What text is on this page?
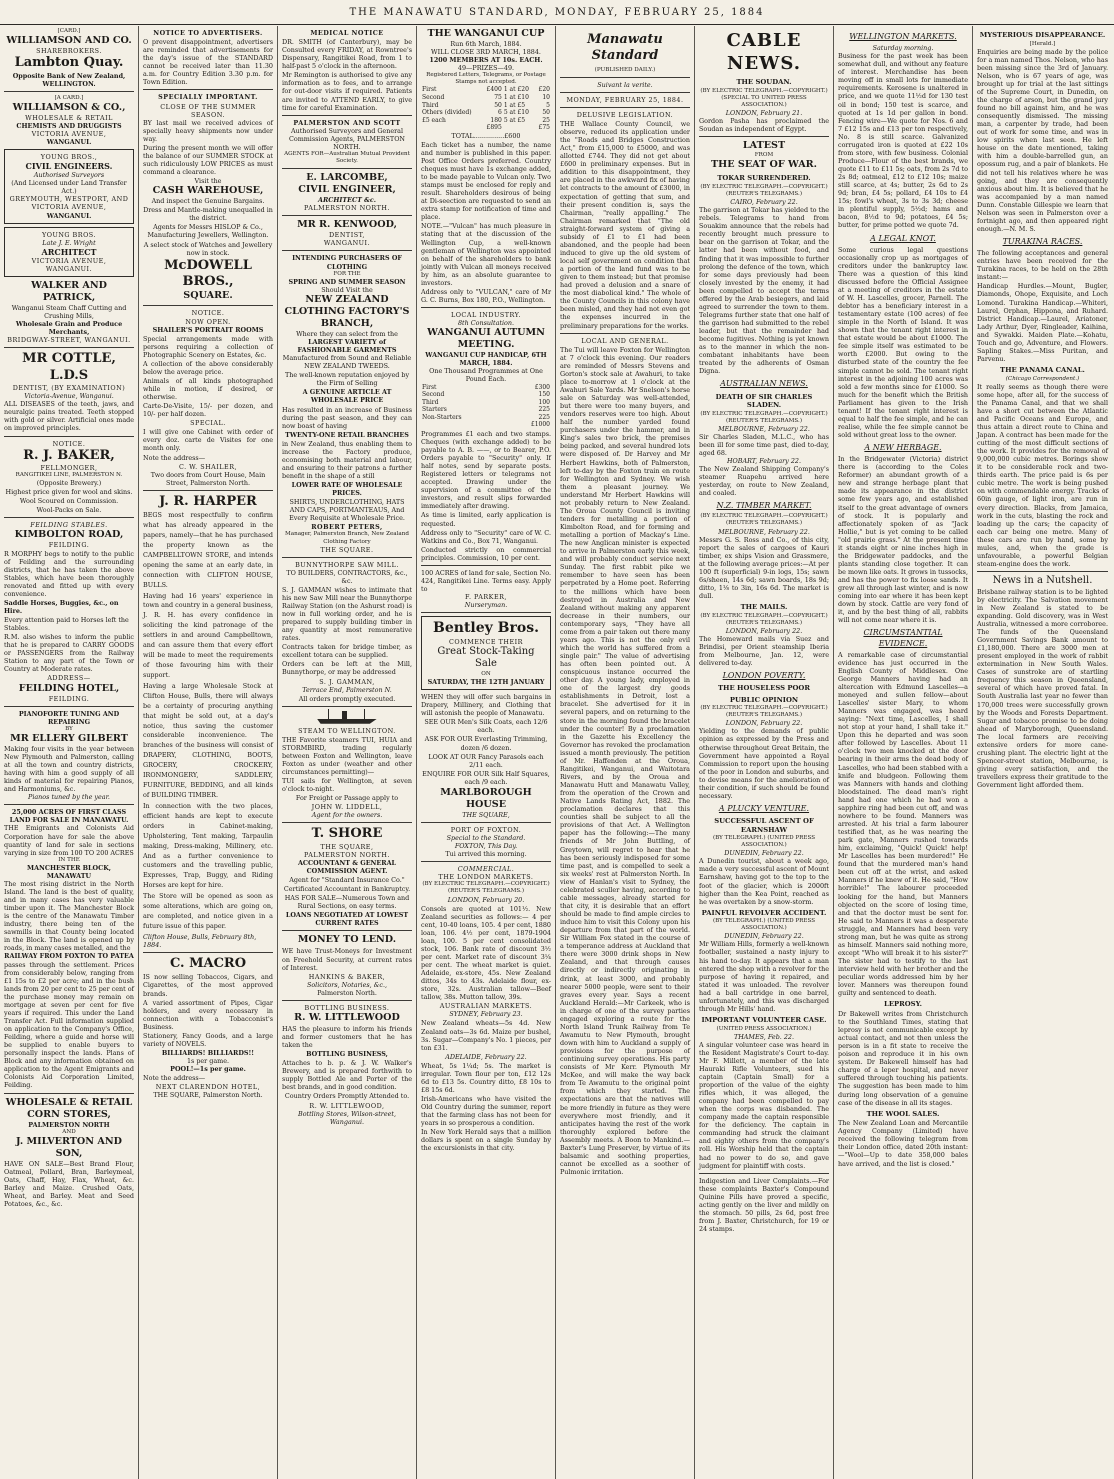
THE MANAWATU STANDARD, MONDAY, FEBRUARY 25, 1884
[CARD.]
WILLIAMSON AND CO.
SHAREBROKERS.
Lambton Quay.
Opposite Bank of New Zealand, WELLINGTON.
[A CARD.]
WILLIAMSON & CO.,
WHOLESALE & RETAIL
CHEMISTS AND DRUGGISTS
VICTORIA AVENUE,
WANGANUI.
YOUNG BROS.,
CIVIL ENGINEERS.
Authorised Surveyors
(And Licensed under Land Transfer Act.)
GREYMOUTH, WESTPORT, AND VICTORIA AVENUE,
WANGANUI.
YOUNG BROS.
Late J. E. Wright
ARCHITECT
VICTORIA AVENUE, WANGANUI.
WALKER AND PATRICK,
Wanganui Steam Chaff Cutting and Crushing Mills,
Wholesale Grain and Produce Merchants,
BRIDGWAY-STREET, WANGANUI.
MR COTTLE, L.D.S
DENTIST, (BY EXAMINATION)
Victoria-Avenue, Wanganui.
ALL DISEASES of the teeth, jaws, and neuralgic pains treated. Teeth stopped with gold or silver. Artificial ones made on improved principles.
NOTICE.
R. J. BAKER,
FELLMONGER,
RANGITIKEI LINE, PALMERSTON N.
(Opposite Brewery.)
Highest price given for wool and skins.
Wool Scoured on Commission.
Wool-Packs on Sale.
FEILDING STABLES.
KIMBOLTON ROAD,
FEILDING.
R MORPHY begs to notify to the public of Feilding and the surrounding districts, that he has taken the above Stables, which have been thoroughly renovated and fitted up with every convenience.
Saddle Horses, Buggies, &c., on Hire.
Every attention paid to Horses left the Stables.
R.M. also wishes to inform the public that he is prepared to CARRY GOODS or PASSENGERS from the Railway Station to any part of the Town or Country at Moderate rates.
ADDRESS—
FEILDING HOTEL,
FEILDING.
PIANOFORTE TUNING AND REPAIRING
BY
MR ELLERY GILBERT
Making four visits in the year between New Plymouth and Palmerston, calling at all the town and country districts, having with him a good supply of all kinds of material for repairing Pianos, and Harmoniums, &c.
Pianos tuned by the year.
25,000 ACRES OF FIRST CLASS LAND FOR SALE IN MANAWATU.
THE Emigrants and Colonists Aid Corporation have for sale the above quantity of land for sale in sections varying in size from 100 TO 200 ACRES
IN THE
MANCHESTER BLOCK, MANAWATU
The most rising district in the North Island. The land is the best of quality, and in many cases has very valuable timber upon it. The Manchester Block is the centre of the Manawatu Timber industry, there being ten of the sawmills in that County being located in the Block. The land is opened up by roads, in many cases metalled, and the
RAILWAY FROM FOXTON TO PATEA
passes through the settlement. Prices from considerably below, ranging from £1 15s to £2 per acre; and in the bush lands from 20 per cent to 25 per cent of the purchase money may remain on mortgage at seven per cent for five years if required. This under the Land Transfer Act. Full information supplied on application to the Company's Office, Feilding, where a guide and horse will be supplied to enable buyers to personally inspect the lands. Plans of Block and any information obtained on application to the Agent Emigrants and Colonists Aid Corporation Limited, Feilding.
WHOLESALE & RETAIL CORN STORES,
PALMERSTON NORTH
AND
J. MILVERTON AND SON,
HAVE ON SALE—Best Brand Flour, Oatmeal, Pollard, Bran, Barleymeal, Oats, Chaff, Hay, Flax, Wheat, &c. Barley and Maize. Crushed Oats, Wheat, and Barley. Meat and Seed Potatoes, &c., &c.
NOTICE TO ADVERTISERS.
O prevent disappointment, advertisers are reminded that advertisements for the day's issue of the STANDARD cannot be received later than 11.30 a.m. for Country Edition 3.30 p.m. for Town Edition.
SPECIALLY IMPORTANT.
CLOSE OF THE SUMMER SEASON.
BY last mail we received advices of specially heavy shipments now under way.
During the present month we will offer the balance of our SUMMER STOCK at such ridiculously LOW PRICES as must command a clearance.
Visit the
CASH WAREHOUSE,
And inspect the Genuine Bargains.
Dress and Mantle-making unequalled in the district.
Agents for Messrs HISLOP & Co., Manufacturing Jewellers, Wellington.
A select stock of Watches and Jewellery now in stock.
McDOWELL BROS.,
SQUARE.
NOTICE.
NOW OPEN.
SHAILER'S PORTRAIT ROOMS
Special arrangements made with persons requiring a collection of Photographic Scenery on Estates, &c.
A collection of the above considerably below the average price.
Animals of all kinds photographed while in motion, if desired, or otherwise.
Carte-De-Visite, 15/- per dozen, and 10/- per half dozen.
SPECIAL.
I will give one Cabinet with order of every doz. carte de Visites for one month only.
Note the address—
C. W. SHAILER,
Two doors from Court House, Main Street, Palmerston North.
J. R. HARPER
BEGS most respectfully to confirm what has already appeared in the papers, namely—that he has purchased the property known as the CAMPBELLTOWN STORE, and intends opening the same at an early date, in connection with CLIFTON HOUSE, BULLS.
Having had 16 years' experience in town and country in a general business, J. R. H. has every confidence in soliciting the kind patronage of the settlers in and around Campbelltown, and can assure them that every effort will be made to meet the requirements of those favouring him with their support.
Having a large Wholesale Stock at Clifton House, Bulls, there will always be a certainty of procuring anything that might be sold out, at a day's notice, thus saving the customer considerable inconvenience. The branches of the business will consist of DRAPERY, CLOTHING, BOOTS, GROCERY, CROCKERY, IRONMONGERY, SADDLERY, FURNITURE, BEDDING, and all kinds of BUILDING TIMBER.
In connection with the two places, efficient hands are kept to execute orders in Cabinet-making, Upholstering, Tent making, Tarpaulin making, Dress-making, Millinery, etc. And as a further convenience to customers and the travelling public, Expresses, Trap, Buggy, and Riding Horses are kept for hire.
The Store will be opened as soon as some alterations, which are going on, are completed, and notice given in a future issue of this paper.
Clifton House, Bulls, February 8th, 1884.
C. MACRO
IS now selling Tobaccos, Cigars, and Cigarettes, of the most approved brands.
A varied assortment of Pipes, Cigar holders, and every necessary in connection with a Tobacconist's Business.
Stationery, Fancy Goods, and a large variety of NOVELS.
BILLIARDS! BILLIARDS!!
1s per game.
POOL!—1s per game.
Note the address—
NEXT CLARENDON HOTEL,
THE SQUARE, Palmerston North.
MEDICAL NOTICE
DR. SMITH (of Canterbury), may be Consulted every FRIDAY, at Rowntree's Dispensary, Rangitikei Road, from 1 to half-past 5 o'clock in the afternoon.
Mr Remington is authorised to give any information as to fees, and to arrange for out-door visits if required. Patients are invited to ATTEND EARLY, to give time for careful Examination.
PALMERSTON AND SCOTT
Authorised Surveyors and General Commission Agents, PALMERSTON NORTH.
AGENTS FOR—Australian Mutual Provident Society.
E. LARCOMBE,
CIVIL ENGINEER,
ARCHITECT &c.
PALMERSTON NORTH.
MR R. KENWOOD,
DENTIST,
WANGANUI.
INTENDING PURCHASERS OF CLOTHING
FOR THE
SPRING AND SUMMER SEASON
Should Visit the
NEW ZEALAND CLOTHING FACTORY'S BRANCH,
Where they can select from the
LARGEST VARIETY of FASHIONABLE GARMENTS
Manufactured from Sound and Reliable NEW ZEALAND TWEEDS.
The well-known reputation enjoyed by the Firm of Selling
A GENUINE ARTICLE AT WHOLESALE PRICE
Has resulted in an increase of Business during the past season, and they can now boast of having
TWENTY-ONE RETAIL BRANCHES
in New Zealand, thus enabling them to increase the Factory produce, economising both material and labour, and ensuring to their patrons a further benefit in the shape of a still
LOWER RATE OF WHOLESALE PRICES.
SHIRTS, UNDERCLOTHING, HATS AND CAPS, PORTMANTEAUS, And Every Requisite at Wholesale Price.
ROBERT PETERS,
Manager, Palmerston Branch, New Zealand Clothing Factory
THE SQUARE.
BUNNYTHORPE SAW MILL.
TO BUILDERS, CONTRACTORS, &c., &c.
S. J. GAMMAN wishes to intimate that his new Saw Mill near the Bunnythorpe Railway Station (on the Ashurst road) is now in full working order, and he is prepared to supply building timber in any quantity at most remunerative rates.
Contracts taken for bridge timber, as excellent totara can be supplied.
Orders can be left at the Mill, Bunnythorpe, or may be addressed
S. J. GAMMAN,
Terrace End, Palmerston N.
All orders promptly executed.
STEAM TO WELLINGTON.
THE Favorite steamers TUI, HUIA and STORMBIRD, trading regularly between Foxton and Wellington, leave Foxton as under (weather and other circumstances permitting)—
TUI sails for Wellington, at seven o'clock to-night.
For Freight or Passage apply to
JOHN W. LIDDELL,
Agent for the owners.
T. SHORE
THE SQUARE,
PALMERSTON NORTH.
ACCOUNTANT & GENERAL COMMISSION AGENT.
Agent for "Standard Insurance Co."
Certificated Accountant in Bankruptcy.
HAS FOR SALE—Numerous Town and Rural Sections, on easy terms.
LOANS NEGOTIATED AT LOWEST CURRENT RATES
MONEY TO LEND.
WE have Trust-Moneys for Investment on Freehold Security, at current rates of Interest.
HANKINS & BAKER,
Solicitors, Notaries, &c.,
Palmerston North.
BOTTLING BUSINESS.
R. W. LITTLEWOOD
HAS the pleasure to inform his friends and former customers that he has taken the
BOTTLING BUSINESS,
Attaches to b. p. & J. W. Walker's Brewery, and is prepared forthwith to supply Bottled Ale and Porter of the best brands, and in good condition.
Country Orders Promptly Attended to.
R. W. LITTLEWOOD,
Bottling Stores, Wilson-street, Wanganui.
THE WANGANUI CUP
Run 6th March, 1884.
WILL CLOSE 3RD MARCH, 1884.
1200 MEMBERS AT 10s. EACH.
49—PRIZES—49.
Registered Letters, Telegrams, or Postage Stamps not accepted.
First	£400	1 at £20	£20
Second	75	1 at £10	10
Third	50	1 at £5	5
Others (divided)	6	5 at £10	50
£5 each	180	5 at £5	25
	£895		£75
TOTAL...............£600
Each ticket has a number, the name and number is published in this paper. Post Office Orders preferred. Country cheques must have 1s exchange added, to be made payable to Vulcan only. Two stamps must be enclosed for reply and result. Shareholders desirous of being at Di-seection are requested to send an extra stamp for notification of time and place.
NOTE.—"Vulcan" has much pleasure in stating that at the discussion of the Wellington Cup, a well-known gentleman of Wellington was appointed on behalf of the shareholders to bank jointly with Vulcan all moneys received by him, as an absolute guarantee to investors.
Address only to "VULCAN," care of Mr G. C. Burns, Box 180, P.O., Wellington.
LOCAL INDUSTRY.
8th Consultation.
WANGANUI AUTUMN MEETING.
WANGANUI CUP HANDICAP, 6TH MARCH, 1884.
One Thousand Programmes at One Pound Each.
First	£300
Second	150
Third	100
Starters	225
Non-Starters	225
	£1000
Programmes £1 each and two stamps. Cheques (with exchange added) to be payable to A. B. ——, or to Bearer, P.O. Orders payable to "Security" only. If half notes, send by separate posts. Registered letters or telegrams not accepted. Drawing under the supervision of a committee of the investors, and result slips forwarded immediately after drawing.
As time is limited, early application is requested.
Address only to "Security" care of W. C. Watkins and Co., Box 71, Wanganui.
Conducted strictly on commercial principles. Commission, 10 per cent.
100 ACRES of land for sale, Section No. 424, Rangitikei Line. Terms easy. Apply to
F. PARKER,
Nurseryman.
Bentley Bros.
COMMENCE THEIR
Great Stock-Taking
Sale
ON
SATURDAY, THE 12TH JANUARY
WHEN they will offer such bargains in Drapery, Millinery, and Clothing that will astonish the people of Manawatu.
SEE OUR Men's Silk Coats, each 12/6 each.
ASK FOR OUR Everlasting Trimming, dozen /6 dozen.
LOOK AT OUR Fancy Parasols each 2/11 each.
ENQUIRE FOR OUR Silk Half Squares, each /9 each.
MARLBOROUGH HOUSE
THE SQUARE,
PORT OF FOXTON.
Special to the Standard.
FOXTON, This Day.
Tui arrived this morning.
COMMERCIAL.
THE LONDON MARKETS.
(BY ELECTRIC TELEGRAPH.—COPYRIGHT.) (REUTER'S TELEGRAMS.)
LONDON, February 20.
Consols are quoted at 101½. New Zealand securities as follows:— 4 per cent, 10-40 loans, 105. 4 per cent, 1880 loan, 106. 4½ per cent, 1879-1904 loan, 100. 5 per cent consolidated stock, 106. Bank rate of discount 3½ per cent. Market rate of discount 3¼ per cent. The wheat market is quiet. Adelaide, ex-store, 45s. New Zealand dittos, 34s to 43s. Adelaide flour, ex-store, 32s. Australian tallow—Beef tallow, 38s. Mutton tallow, 39s.
AUSTRALIAN MARKETS.
SYDNEY, February 23.
New Zealand wheats—5s 4d. New Zealand oats—3s 6d. Maize per bushel, 3s. Sugar—Company's No. 1 pieces, per ton £31.
ADELAIDE, February 22.
Wheat, 5s 1¼d; 5s. The market is irregular. Town flour per ton, £12 12s 6d to £13 5s. Country ditto, £8 10s to £8 15s 6d.
Irish-Americans who have visited the Old Country during the summer, report that the farming class has not been for years in so prosperous a condition.
In New York Herald says that a million dollars is spent on a single Sunday by the excursionists in that city.
Manawatu Standard
(PUBLISHED DAILY.)
Suivant la verite.
MONDAY, FEBRUARY 25, 1884.
DELUSIVE LEGISLATION.
THE Wallace County Council, we observe, reduced its application under the "Roads and Bridges Construction Act," from £15,000 to £5000, and was allotted £744. They did not get about £600 in preliminary expenses. But in addition to this disappointment, they are placed in the awkward fix of having let contracts to the amount of £3000, in expectation of getting that sum, and their present condition is, says the Chairman, "really appalling." The Chairman remarked that "The old straight-forward system of giving a subsidy of £1 to £1 had been abandoned, and the people had been induced to give up the old system of local self government on condition that a portion of the land fund was to be given to them instead; but that promise had proved a delusion and a snare of the most diabolical kind." The whole of the County Councils in this colony have been misled, and they had not even got the expenses incurred in the preliminary preparations for the works.
LOCAL AND GENERAL.
The Tui will leave Foxton for Wellington at 7 o'clock this evening. Our readers are reminded of Messrs Stevens and Gorton's stock sale at Awahuri, to take place to-morrow at 1 o'clock at the Awahuri Sale Yards. Mr Snelson's horse sale on Saturday was well-attended, but there were too many buyers, and vendors reserves were too high. About half the number yarded found purchasers under the hammer, and in King's sales two brick, the premises being packed, and several hundred lots were disposed of. Dr Harvey and Mr Herbert Hawkins, both of Palmerston, left to-day by the Foxton train en route for Wellington and Sydney. We wish them a pleasant journey. We understand Mr Herbert Hawkins will not probably return to New Zealand. The Oroua County Council is inviting tenders for metalling a portion of Kimbolton Road, and for forming and metalling a portion of Mackay's Line. The new Anglican minister is expected to arrive in Palmerston early this week, and will probably conduct service next Sunday. The first rabbit pike we remember to have seen has been perpetrated by a Home poet. Referring to the millions which have been destroyed in Australia and New Zealand without making any apparent decrease in their numbers, our contemporary says, "They have all come from a pair taken out there many years ago. This is not the only evil which the world has suffered from a single pair." The value of advertising has often been pointed out. A conspicuous instance occurred the other day. A young lady, employed in one of the largest dry goods establishments in Detroit, lost a bracelet. She advertised for it in several papers, and on returning to the store in the morning found the bracelet under the counter! By a proclamation in the Gazette his Excellency the Governor has revoked the proclamation issued a month previously. The petition of Mr. Haffenden at the Oroua, Rangitikei, Wanganui, and Waitotara Rivers, and by the Oroua and Manawatu Hutt and Manawatu Valley, from the operation of the Crown and Native Lands Rating Act, 1882. The proclamation declares that this counties shall be subject to all the provisions of that Act. A Wellington paper has the following:—The many friends of Mr John Buttling, of Greytown, will regret to hear that he has been seriously indisposed for some time past, and is compelled to seek a six weeks' rest at Palmerston North. In view of Hanlan's visit to Sydney, the celebrated sculler having, according to cable messages, already started for that city, it is desirable that an effort should be made to find ample circles to induce him to visit this Colony upon his departure from that part of the world. Sir William Fox stated in the course of a temperance address at Auckland that there were 3000 drink shops in New Zealand, and that through causes directly or indirectly originating in drink, at least 3000, and probably nearer 5000 people, were sent to their graves every year. Says a recent Auckland Herald:—Mr Carkeek, who is in charge of one of the survey parties engaged exploring a route for the North Island Trunk Railway from Te Awamutu to New Plymouth, brought down with him to Auckland a supply of provisions for the purpose of continuing survey operations. His party consists of Mr Kerr. Plymouth Mr McKee, and will make the way back from Te Awamutu to the original point from which they started. The expectations are that the natives will be more friendly in future as they were everywhere most friendly, and it anticipates having the rest of the work thoroughly explored before the Assembly meets. A Boon to Mankind.—Baxter's Lung Preserver, by virtue of its balsamic and soothing properties, cannot be excelled as a soother of Pulmonic irritation.
CABLE NEWS.
THE SOUDAN.
(BY ELECTRIC TELEGRAPH.—COPYRIGHT.) (SPECIAL TO UNITED PRESS ASSOCIATION.)
LONDON, February 21.
Gordon Pasha has proclaimed the Soudan as independent of Egypt.
LATEST
FROM
THE SEAT OF WAR.
TOKAR SURRENDERED.
(BY ELECTRIC TELEGRAPH.—COPYRIGHT.) (REUTER'S TELEGRAMS.)
CAIRO, February 22.
The garrison at Tokar has yielded to the rebels. Telegrams to hand from Souakim announce that the rebels had recently brought much pressure to bear on the garrison at Tokar, and the latter had been without food, and finding that it was impossible to further prolong the defence of the town, which for some days previously had been closely invested by the enemy, it had been compelled to accept the terms offered by the Arab besiegers, and laid agreed to surrender the town to them. Telegrams further state that one half of the garrison had submitted to the rebel leader, but that the remainder had become fugitives. Nothing is yet known as to the manner in which the non-combatant inhabitants have been treated by the adherents of Osman Digna.
AUSTRALIAN NEWS.
DEATH OF SIR CHARLES SLADEN.
(BY ELECTRIC TELEGRAPH.—COPYRIGHT.) (REUTER'S TELEGRAMS.)
MELBOURNE, February 22.
Sir Charles Sladen, M.L.C., who has been ill for some time past, died to-day, aged 68.
HOBART, February 22.
The New Zealand Shipping Company's steamer Ruapehu arrived here yesterday, on route to New Zealand, and coaled.
N.Z. TIMBER MARKET.
(BY ELECTRIC TELEGRAPH.—COPYRIGHT.) (REUTER'S TELEGRAMS.)
MELBOURNE, February 22.
Messrs G. S. Ross and Co., of this city, report the sales of cargoes of Kauri timber, ex ships Vision and Grassmere, at the following average prices:—At per 100 ft (superficial) 9-in logs, 15s; sawn 6s/sheen, 14s 6d; sawn boards, 18s 9d; ditto, 1⅛ to 3in, 16s 6d. The market is dull.
THE MAILS.
(BY ELECTRIC TELEGRAPH.—COPYRIGHT.) (REUTER'S TELEGRAMS.)
LONDON, February 22.
The Homeward mails via Suez and Brindisi, per Orient steamship Iberia from Melbourne, Jan. 12, were delivered to-day.
LONDON POVERTY.
THE HOUSELESS POOR
PUBLIC OPINION
(BY ELECTRIC TELEGRAPH.—COPYRIGHT.) (REUTER'S TELEGRAMS.)
LONDON, February 22.
Yielding to the demands of public opinion as expressed by the Press and otherwise throughout Great Britain, the Government have appointed a Royal Commission to report upon the housing of the poor in London and suburbs, and to devise means for the amelioration of their condition, if such should be found necessary.
A PLUCKY VENTURE.
SUCCESSFUL ASCENT OF EARNSHAW
(BY TELEGRAPH.) (UNITED PRESS ASSOCIATION.)
DUNEDIN, February 22.
A Dunedin tourist, about a week ago, made a very successful ascent of Mount Earnshaw, having got to the top to the foot of the glacier, which is 2000ft higher than the Kea Point, reached as he was overtaken by a snow-storm.
PAINFUL REVOLVER ACCIDENT.
(BY TELEGRAPH.) (UNITED PRESS ASSOCIATION.)
DUNEDIN, February 22.
Mr William Hills, formerly a well-known footballer, sustained a nasty injury to his hand to-day. It appears that a man entered the shop with a revolver for the purpose of having it repaired, and stated it was unloaded. The revolver had a ball cartridge in one barrel, unfortunately, and this was discharged through Mr Hills' hand.
IMPORTANT VOLUNTEER CASE.
(UNITED PRESS ASSOCIATION.)
THAMES, Feb. 22.
A singular volunteer case was heard in the Resident Magistrate's Court to-day. Mr F. Millett, a member of the late Hauraki Rifle Volunteers, sued his captain (Captain Small) for a proportion of the value of the eighty rifles which, it was alleged, the company had been compelled to pay when the corps was disbanded. The company made the captain responsible for the deficiency. The captain in commanding had struck the claimant and eighty others from the company's roll. His Worship held that the captain had no power to do so, and gave judgment for plaintiff with costs.
Indigestion and Liver Complaints.—For these complaints Baxter's Compound Quinine Pills have proved a specific, acting gently on the liver and mildly on the stomach. 50 pills, 2s 6d, post free from J. Baxter, Christchurch, for 19 or 24 stamps.
WELLINGTON MARKETS.
Saturday morning.
Business for the past week has been somewhat dull, and without any feature of interest. Merchandise has been moving off in small lots for immediate requirements. Kerosene is unaltered in price, and we quote 11½d for 130 test oil in bond; 150 test is scarce, and quoted at 1s 1d per gallon in bond. Fencing wire—We quote for Nos. 6 and 7 £12 15s and £13 per ton respectively, No. 8 is still scarce. Galvanized corrugated iron is quoted at £22 10s from store, with few business. Colonial Produce—Flour of the best brands, we quote £11 to £11 5s; oats, from 2s 7d to 2s 8d; oatmeal, £12 to £12 10s; maize still scarce, at 4s; butter, 2s 6d to 2s 9d; bran, £4 5s; pollard, £4 10s to £4 15s; fowl's wheat, 3s to 3s 3d; cheese in plentiful supply, 5½d; hams and bacon, 8½d to 9d; potatoes, £4 5s; butter, for prime potted we quote 7d.
A LEGAL KNOT.
Some curious legal questions occasionally crop up as mortgages of creditors under the bankruptcy law. There was a question of this kind discussed before the Official Assignee at a meeting of creditors in the estate of W. H. Lascelles, grocer, Parnell. The debtor has a beneficiary interest in a testamentary estate (100 acres) of fee simple in the North of Island. It was shown that the tenant right interest in that estate would be about £1000. The fee simple itself was estimated to be worth £2000. But owing to the disturbed state of the country the fee simple cannot be sold. The tenant right interest in the adjoining 100 acres was sold a few months since for £1000. So much for the benefit which the British Parliament has given to the Irish tenant! If the tenant right interest is equal to half the fee simple, and he can realise, while the fee simple cannot be sold without great loss to the owner.
A NEW HERBAGE.
In the Bridgewater (Victoria) district there is (according to the Coles Reformer) an abundant growth of a new and strange herbage plant that made its appearance in the district some few years ago, and established itself to the great advantage of owners of stock. It is popularly and affectionately spoken of as "Jack Hollie," but is yet coming to be called "old prairie grass." At the present time it stands eight or nine inches high in the Bridgewater paddocks, and the plants standing close together. It can be mown like oats. It grows in tussocks, and has the power to fix loose sands. It grew all through last winter, and is now coming into ear where it has been kept down by stock. Cattle are very fond of it, and by the best thing of all, rabbits will not come near where it is.
CIRCUMSTANTIAL EVIDENCE.
A remarkable case of circumstantial evidence has just occurred in the English County of Middlesex. One George Manners having had an altercation with Edmund Lascelles—a moneyed and sullen fellow—about Lascelles' sister Mary, to whom Manners was engaged, was heard saying: "Next time, Lascelles, I shall not stop at your hand, I shall take it." Upon this he departed and was soon after followed by Lascelles. About 11 o'clock two men knocked at the door bearing in their arms the dead body of Lascelles, who had been stabbed with a knife and bludgeon. Following them was Manners with hands and clothing bloodstained. The dead man's right hand had one which he had won a sapphire ring had been cut off, and was nowhere to be found. Manners was arrested. At his trial a farm labourer testified that, as he was nearing the park gate, Manners rushed towards him, exclaiming, "Quick! Quick! help! Mr Lascelles has been murdered!" He found that the murdered man's hand been cut off at the wrist, and asked Manners if he knew of it. He said, "How horrible!" The labourer proceeded looking for the hand, but Manners objected on the score of losing time, and that the doctor must be sent for. He said to Manners it was a desperate struggle, and Manners had been very strong man, but he was quite as strong as himself. Manners said nothing more, except "Who will break it to his sister?" The sister had to testify to the last interview held with her brother and the peculiar words addressed him by her lover. Manners was thereupon found guilty and sentenced to death.
LEPROSY.
Dr Bakewell writes from Christchurch to the Southland Times, stating that leprosy is not communicable except by actual contact, and not then unless the person is in a fit state to receive the poison and reproduce it in his own system. Dr Bakewell himself has had charge of a leper hospital, and never suffered through touching his patients. The suggestion has been made to him during long observation of a genuine case of the disease in all its stages.
THE WOOL SALES.
The New Zealand Loan and Mercantile Agency Company (Limited) have received the following telegram from their London office, dated 20th instant:—"Wool—Up to date 358,000 bales have arrived, and the list is closed."
MYSTERIOUS DISAPPEARANCE.
[Herald.]
Enquiries are being made by the police for a man named Thos. Nelson, who has been missing since the 3rd of January. Nelson, who is 67 years of age, was brought up for trial at the last sittings of the Supreme Court, in Dunedin, on the charge of arson, but the grand jury found no bill against him, and he was consequently dismissed. The missing man, a carpenter by trade, had been out of work for some time, and was in low spirits when last seen. He left house on the date mentioned, taking with him a double-barrelled gun, an opossum rug, and a pair of blankets. He did not tell his relatives where he was going, and they are consequently anxious about him. It is believed that he was accompanied by a man named Dunn. Constable Gillespie we learn that Nelson was seen in Palmerston over a fortnight ago, and then appeared right enough.—N. M. S.
TURAKINA RACES.
The following acceptances and general entries have been received for the Turakina races, to be held on the 28th instant:—
Handicap Hurdles.—Mount, Bugler, Diamonds, Ohope, Exquisite, and Loch Lomond. Turakina Handicap.—Whiteri, Laurel, Orphan, Hippona, and Ruhard. District Handicap.—Laurel, Ariatoner, Lady Arthur, Dyer, Ringleader, Kaihina, and Sywakki. Maiden Plate.—Kohatu, Touch and go, Adventure, and Flowers. Sapling Stakes.—Miss Puritan, and Parvenu.
THE PANAMA CANAL.
(Chicago Correspondent.)
It really seems as though there were some hope, after all, for the success of the Panama Canal, and that we shall have a short cut between the Atlantic and Pacific Oceans and Europe, and thus attain a direct route to China and Japan. A contract has been made for the cutting of the most difficult sections of the work. It provides for the removal of 9,000,000 cubic metres. Borings show it to be considerable rock and two-thirds earth. The price paid is 6s per cubic metre. The work is being pushed on with commendable energy. Tracks of 60in gauge, of light iron, are run in every direction. Blacks, from Jamaica, work in the cuts, blasting the rock and loading up the cars; the capacity of each car being one metre. Many of these cars are run by hand, some by mules, and, when the grade is unfavourable, a powerful Belgian steam-engine does the work.
News in a Nutshell.
Brisbane railway station is to be lighted by electricity. The Salvation movement in New Zealand is stated to be expanding. Gold discovery, was in West Australia, witnessed a more corroboree. The funds of the Queensland Government Savings Bank amount to £1,180,000. There are 3000 men at present employed in the work of rabbit extermination in New South Wales. Cases of sunstroke are of startling frequency this season in Queensland, several of which have proved fatal. In South Australia last year no fewer than 170,000 trees were successfully grown by the Woods and Forests Department. Sugar and tobacco promise to be doing ahead of Maryborough, Queensland. The local farmers are receiving extensive orders for more cane-crushing plant. The electric light at the Spencer-street station, Melbourne, is giving every satisfaction, and the travellers express their gratitude to the Government light afforded them.
